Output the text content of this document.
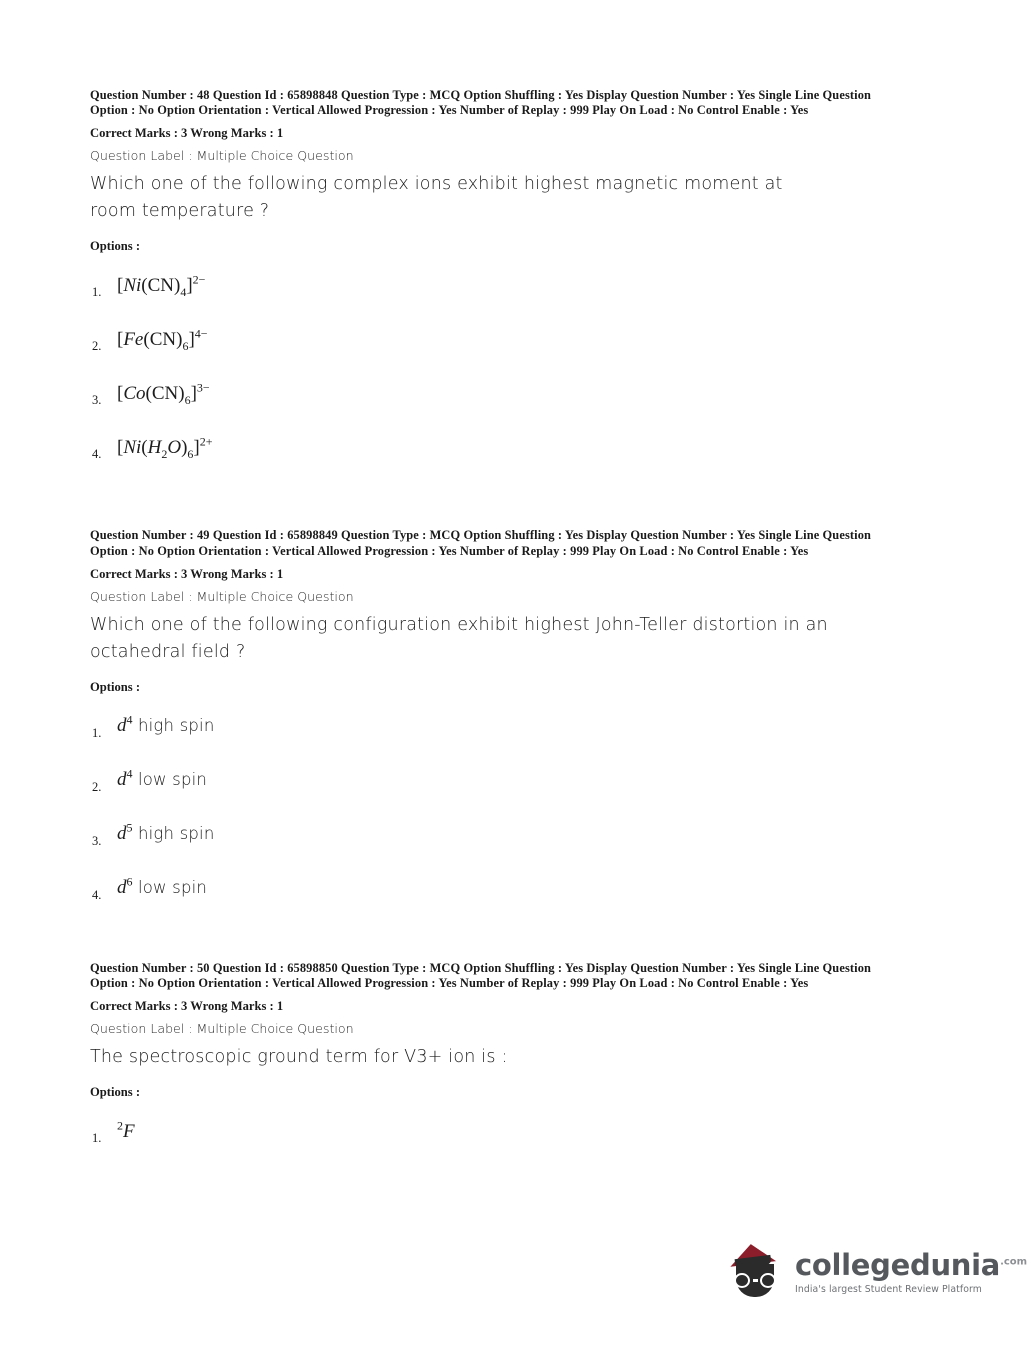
Question Number : 48 Question Id : 65898848 Question Type : MCQ Option Shuffling : Yes Display Question Number : Yes Single Line Question Option : No Option Orientation : Vertical Allowed Progression : Yes Number of Replay : 999 Play On Load : No Control Enable : Yes
Correct Marks : 3 Wrong Marks : 1
Question Label : Multiple Choice Question
Which one of the following complex ions exhibit highest magnetic moment at room temperature ?
Options :
1. $[Ni(CN)_4]^{2-}$
2. $[Fe(CN)_6]^{4-}$
3. $[Co(CN)_6]^{3-}$
4. $[Ni(H_2O)_6]^{2+}$
Question Number : 49 Question Id : 65898849 Question Type : MCQ Option Shuffling : Yes Display Question Number : Yes Single Line Question Option : No Option Orientation : Vertical Allowed Progression : Yes Number of Replay : 999 Play On Load : No Control Enable : Yes
Correct Marks : 3 Wrong Marks : 1
Question Label : Multiple Choice Question
Which one of the following configuration exhibit highest John-Teller distortion in an octahedral field ?
Options :
1. $d^4$ high spin
2. $d^4$ low spin
3. $d^5$ high spin
4. $d^6$ low spin
Question Number : 50 Question Id : 65898850 Question Type : MCQ Option Shuffling : Yes Display Question Number : Yes Single Line Question Option : No Option Orientation : Vertical Allowed Progression : Yes Number of Replay : 999 Play On Load : No Control Enable : Yes
Correct Marks : 3 Wrong Marks : 1
Question Label : Multiple Choice Question
The spectroscopic ground term for V3+ ion is :
Options :
1.
$^2$F
collegedunia$^{.com}$
India's largest Student Review Platform
